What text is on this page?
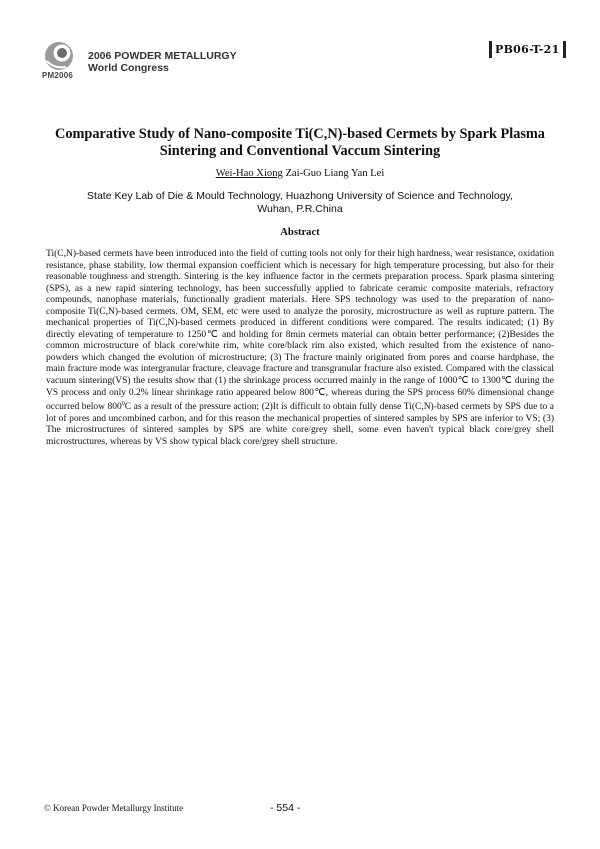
PM2006
2006 POWDER METALLURGY
World Congress
PB06-T-21
Comparative Study of Nano-composite Ti(C,N)-based Cermets by Spark Plasma Sintering and Conventional Vaccum Sintering
Wei-Hao Xiong Zai-Guo Liang Yan Lei
State Key Lab of Die & Mould Technology, Huazhong University of Science and Technology,
Wuhan, P.R.China
Abstract
Ti(C,N)-based cermets have been introduced into the field of cutting tools not only for their high hardness, wear resistance, oxidation resistance, phase stability, low thermal expansion coefficient which is necessary for high temperature processing, but also for their reasonable toughness and strength. Sintering is the key influence factor in the cermets preparation process. Spark plasma sintering (SPS), as a new rapid sintering technology, has been successfully applied to fabricate ceramic composite materials, refractory compounds, nanophase materials, functionally gradient materials. Here SPS technology was used to the preparation of nano-composite Ti(C,N)-based cermets. OM, SEM, etc were used to analyze the porosity, microstructure as well as rupture pattern. The mechanical properties of Ti(C,N)-based cermets produced in different conditions were compared. The results indicated; (1) By directly elevating of temperature to 1250℃ and holding for 8min cermets material can obtain better performance; (2)Besides the common microstructure of black core/white rim, white core/black rim also existed, which resulted from the existence of nano-powders which changed the evolution of microstructure; (3) The fracture mainly originated from pores and coarse hardphase, the main fracture mode was intergranular fracture, cleavage fracture and transgranular fracture also existed. Compared with the classical vacuum sintering(VS) the results show that (1) the shrinkage process occurred mainly in the range of 1000℃ to 1300℃ during the VS process and only 0.2% linear shrinkage ratio appeared below 800℃, whereas during the SPS process 60% dimensional change occurred below $800^0C$ as a result of the pressure action; (2)It is difficult to obtain fully dense Ti(C,N)-based cermets by SPS due to a lot of pores and uncombined carbon, and for this reason the mechanical properties of sintered samples by SPS are inferior to VS; (3) The microstructures of sintered samples by SPS are white core/grey shell, some even haven't typical black core/grey shell microstructures, whereas by VS show typical black core/grey shell structure.
© Korean Powder Metallurgy Institute	- 554 -
